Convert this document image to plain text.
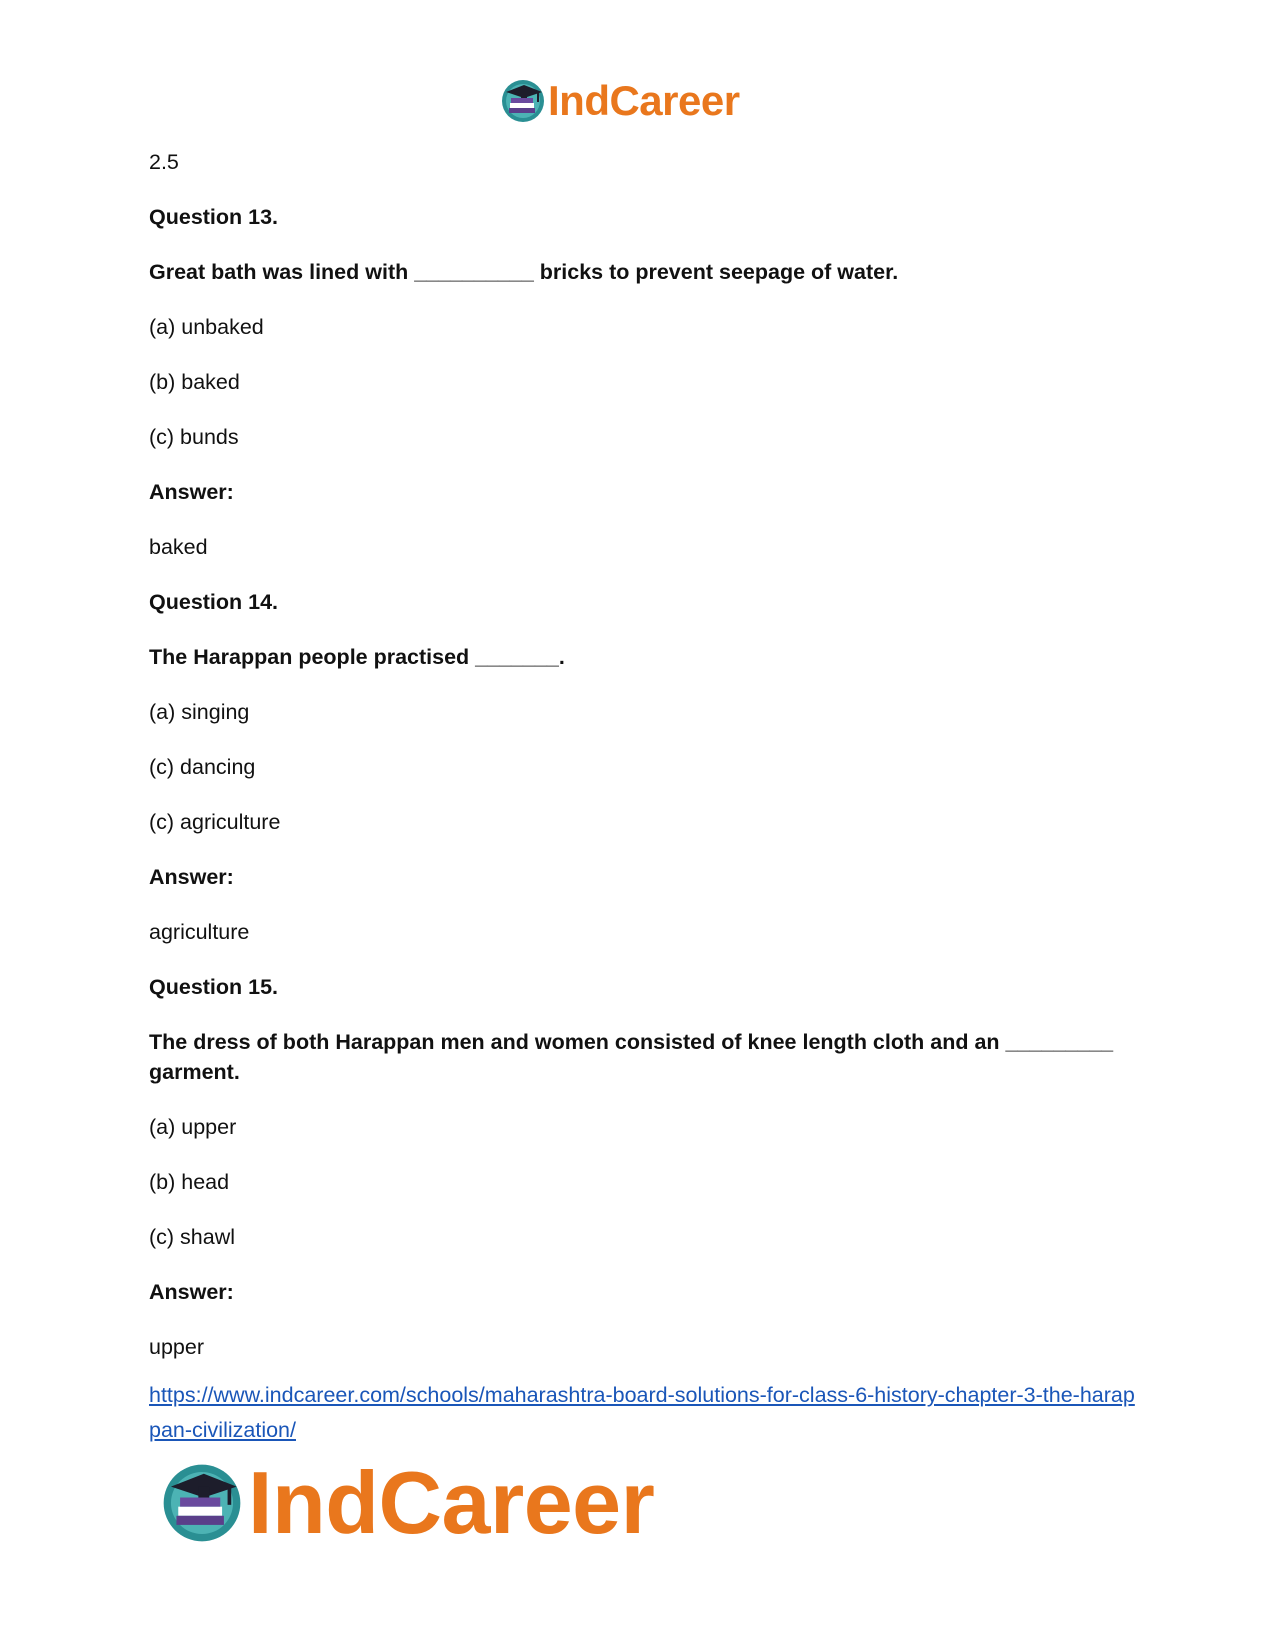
IndCareer
2.5
Question 13.
Great bath was lined with __________ bricks to prevent seepage of water.
(a) unbaked
(b) baked
(c) bunds
Answer:
baked
Question 14.
The Harappan people practised _______.
(a) singing
(c) dancing
(c) agriculture
Answer:
agriculture
Question 15.
The dress of both Harappan men and women consisted of knee length cloth and an _________ garment.
(a) upper
(b) head
(c) shawl
Answer:
upper
https://www.indcareer.com/schools/maharashtra-board-solutions-for-class-6-history-chapter-3-the-harappan-civilization/
IndCareer
